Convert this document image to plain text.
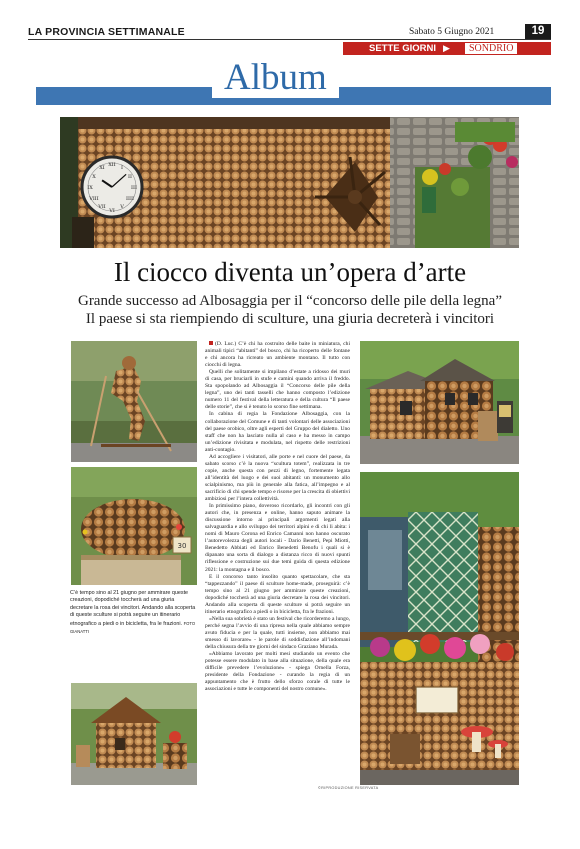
LA PROVINCIA SETTIMANALE	Sabato 5 Giugno 2021	19
SETTE GIORNI ▶	SONDRIO
Album
XII I
II
III
IIII
V
VI
VII
VIII
IX
X
XI
Il ciocco diventa un’opera d’arte
Grande successo ad Albosaggia per il “concorso delle pile della legna”
Il paese si sta riempiendo di sculture, una giuria decreterà i vincitori
30
C’è tempo sino al 21 giugno per ammirare queste creazioni, dopodiché toccherà ad una giuria decretare la rosa dei vincitori. Andando alla scoperta di queste sculture si potrà seguire un itinerario etnografico a piedi o in bicicletta, fra le frazioni. FOTO GIANATTI

(D. Luc.) C’è chi ha costruito delle baite in miniatura, chi animali tipici “abitanti” del bosco, chi ha ricoperto delle fontane e chi ancora ha ricreato un ambiente montano. Il tutto con ciocchi di legna.

Quelli che solitamente si impilano d’estate a ridosso dei muri di casa, per bruciarli in stufe e camini quando arriva il freddo. Sta spopolando ad Albosaggia il “Concorso delle pile della legna”, uno dei tanti tasselli che hanno composto l’edizione numero 11 del festival della letteratura e della cultura “Il paese delle storie”, che si è tenuto lo scorso fine settimana.

In cabina di regia la Fondazione Albosaggia, con la collaborazione del Comune e di tanti volontari delle associazioni del paese orobico, oltre agli esperti del Gruppo del dialetto. Uno staff che non ha lasciato nulla al caso e ha messo in campo un’edizione rivisitata e modulata, nel rispetto delle restrizioni anti-contagio.

Ad accogliere i visitatori, alle porte e nel cuore del paese, da sabato scorso c’è la nuova “scultura totem”, realizzata in tre copie, anche questa con pezzi di legno, fortemente legata all’identità del luogo e dei suoi abitanti: un monumento allo scialpinismo, ma più in generale alla fatica, all’impegno e al sacrificio di chi spende tempo e risorse per la crescita di obiettivi ambiziosi per l’intera collettività.

In primissimo piano, doveroso ricordarlo, gli incontri con gli autori che, in presenza e online, hanno saputo animare la discussione intorno ai principali argomenti legati alla salvaguardia e allo sviluppo dei territori alpini e di chi li abita: i nomi di Mauro Corona ed Enrico Camanni non hanno oscurato l’autorevolezza degli autori locali - Dario Benetti, Pepi Miotti, Benedetto Abbiati ed Enrico Benedetti Benofu i quali si è dipanato una sorta di dialogo a distanza ricco di nuovi spunti riflessione e costruzione sui due temi guida di questa edizione 2021: la montagna e il bosco.

E il concorso tanto insolito quanto spettacolare, che sta “tappezzando” il paese di sculture home-made, proseguirà: c’è tempo sino al 21 giugno per ammirare queste creazioni, dopodiché toccherà ad una giuria decretare la rosa dei vincitori. Andando alla scoperta di queste sculture si potrà seguire un itinerario etnografico a piedi o in bicicletta, fra le frazioni.

«Nella sua sobrietà è stato un festival che ricorderemo a lungo, perché segna l’avvio di una ripresa nella quale abbiamo sempre avuto fiducia e per la quale, tutti insieme, non abbiamo mai smesso di lavorare» - le parole di soddisfazione all’indomani della chiusura della tre giorni del sindaco Graziano Murada.

«Abbiamo lavorato per molti mesi studiando un evento che potesse essere modulato in base alla situazione, della quale era difficile prevedere l’evoluzione» - spiega Ornella Forza, presidente della Fondazione - curando la regia di un appuntamento che è frutto dello sforzo corale di tutte le associazioni e tutte le componenti del nostro comune».

©RIPRODUZIONE RISERVATA
